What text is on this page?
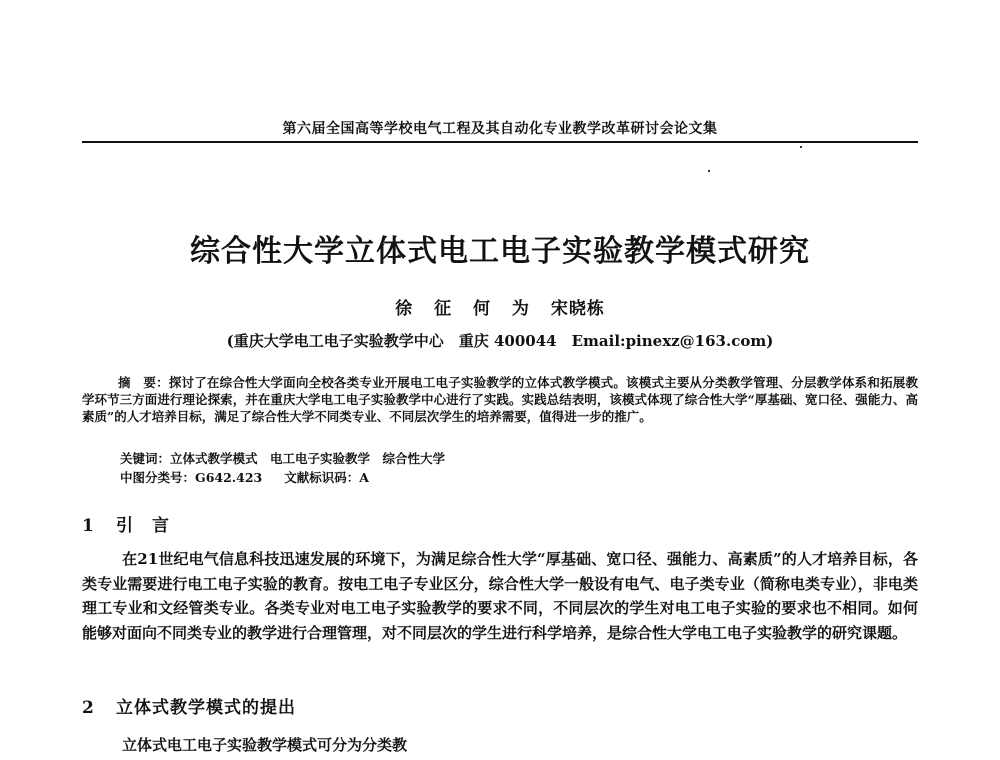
第六届全国高等学校电气工程及其自动化专业教学改革研讨会论文集
综合性大学立体式电工电子实验教学模式研究
徐 征 何 为 宋晓栋
(重庆大学电工电子实验教学中心　重庆 400044　Email:pinexz@163.com)
摘　要：探讨了在综合性大学面向全校各类专业开展电工电子实验教学的立体式教学模式。该模式主要从分类教学管理、分层教学体系和拓展教学环节三方面进行理论探索，并在重庆大学电工电子实验教学中心进行了实践。实践总结表明，该模式体现了综合性大学“厚基础、宽口径、强能力、高素质”的人才培养目标，满足了综合性大学不同类专业、不同层次学生的培养需要，值得进一步的推广。
关键词：立体式教学模式　电工电子实验教学　综合性大学
中图分类号：G642.423 文献标识码：A
1 引　言
在21世纪电气信息科技迅速发展的环境下，为满足综合性大学“厚基础、宽口径、强能力、高素质”的人才培养目标，各类专业需要进行电工电子实验的教育。按电工电子专业区分，综合性大学一般设有电气、电子类专业（简称电类专业），非电类理工专业和文经管类专业。各类专业对电工电子实验教学的要求不同，不同层次的学生对电工电子实验的要求也不相同。如何能够对面向不同类专业的教学进行合理管理，对不同层次的学生进行科学培养，是综合性大学电工电子实验教学的研究课题。
2 立体式教学模式的提出
立体式电工电子实验教学模式可分为分类教
